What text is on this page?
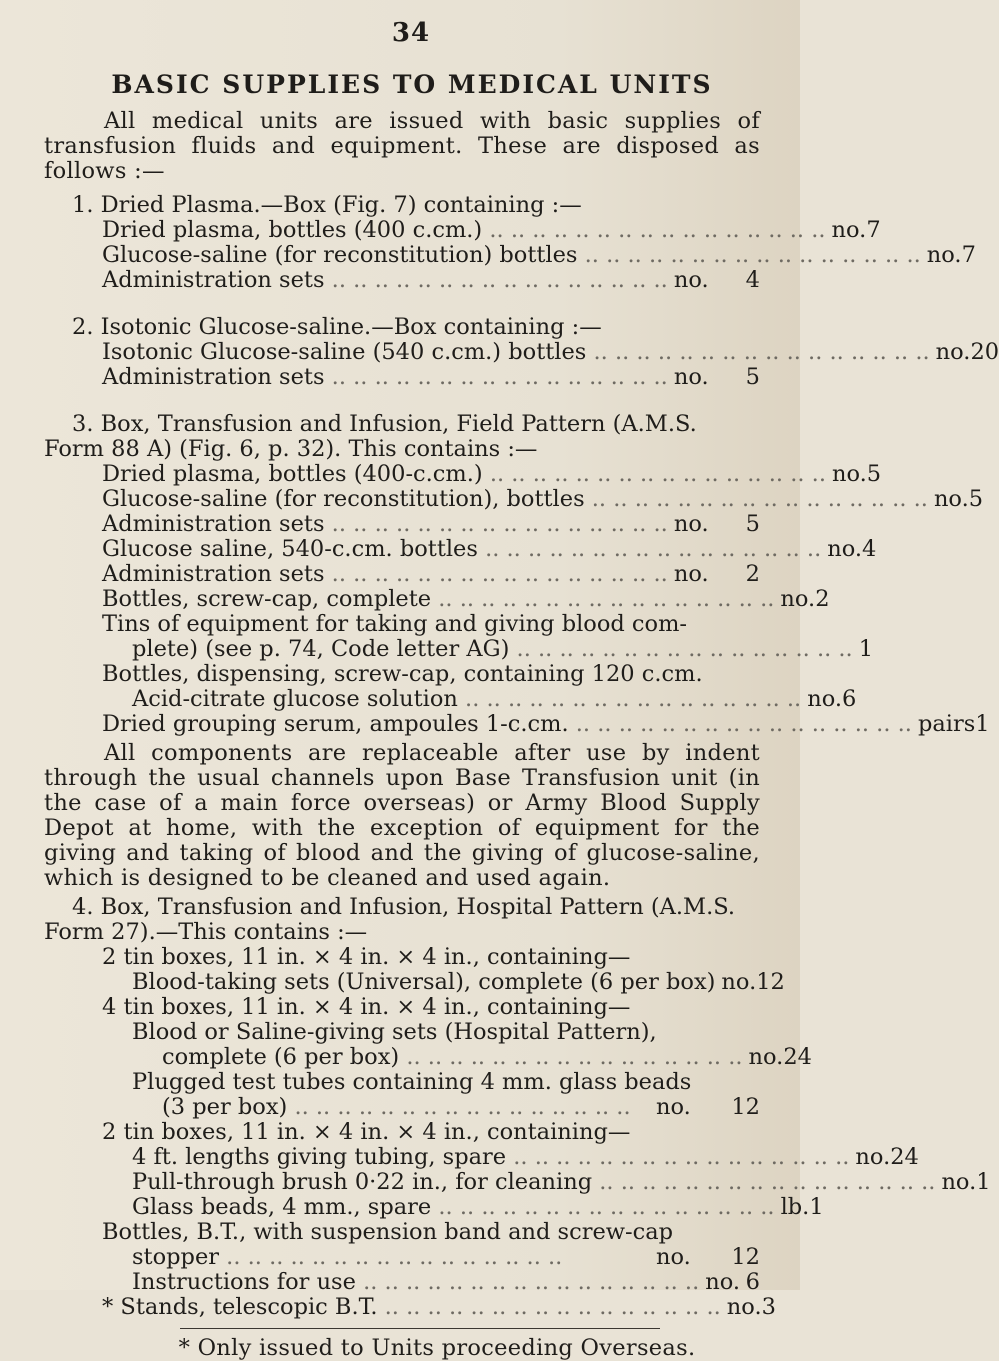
34
BASIC SUPPLIES TO MEDICAL UNITS

All medical units are issued with basic supplies of transfusion fluids and equipment. These are disposed as follows :—

1. Dried Plasma.—Box (Fig. 7) containing :—
Dried plasma, bottles (400 c.cm.) .. .	no. 7
Glucose-saline (for reconstitution) bottles .. .	no. 7
Administration sets .. .	no.	4
2. Isotonic Glucose-saline.—Box containing :—
Isotonic Glucose-saline (540 c.cm.) bottles .. .	no. 20
Administration sets .. .	no.	5
3. Box, Transfusion and Infusion, Field Pattern (A.M.S. Form 88 A) (Fig. 6, p. 32). This contains :—
Dried plasma, bottles (400-c.cm.) .. .	no. 5
Glucose-saline (for reconstitution), bottles .. .	no. 5
Administration sets .. .	no.	5
Glucose saline, 540-c.cm. bottles .. .	no. 4
Administration sets .. .	no.	2
Bottles, screw-cap, complete .. .	no. 2
Tins of equipment for taking and giving blood com-
plete) (see p. 74, Code letter AG) .. .	1
Bottles, dispensing, screw-cap, containing 120 c.cm.
Acid-citrate glucose solution .. .	no. 6
Dried grouping serum, ampoules 1-c.cm. .. .	pairs 1

All components are replaceable after use by indent through the usual channels upon Base Transfusion unit (in the case of a main force overseas) or Army Blood Supply Depot at home, with the exception of equipment for the giving and taking of blood and the giving of glucose-saline, which is designed to be cleaned and used again.

4. Box, Transfusion and Infusion, Hospital Pattern (A.M.S. Form 27).—This contains :—
2 tin boxes, 11 in. × 4 in. × 4 in., containing—
Blood-taking sets (Universal), complete (6 per box) no. 12
4 tin boxes, 11 in. × 4 in. × 4 in., containing—
Blood or Saline-giving sets (Hospital Pattern),
complete (6 per box) .. .	no. 24
Plugged test tubes containing 4 mm. glass beads
(3 per box) .. .	no.	12
2 tin boxes, 11 in. × 4 in. × 4 in., containing—
4 ft. lengths giving tubing, spare .. .	no. 24
Pull-through brush 0·22 in., for cleaning .. .	no. 1
Glass beads, 4 mm., spare .. .	lb. 1
Bottles, B.T., with suspension band and screw-cap
stopper .. .	no.	12
Instructions for use .. .	no. 6
* Stands, telescopic B.T. .. .	no. 3
* Only issued to Units proceeding Overseas.
